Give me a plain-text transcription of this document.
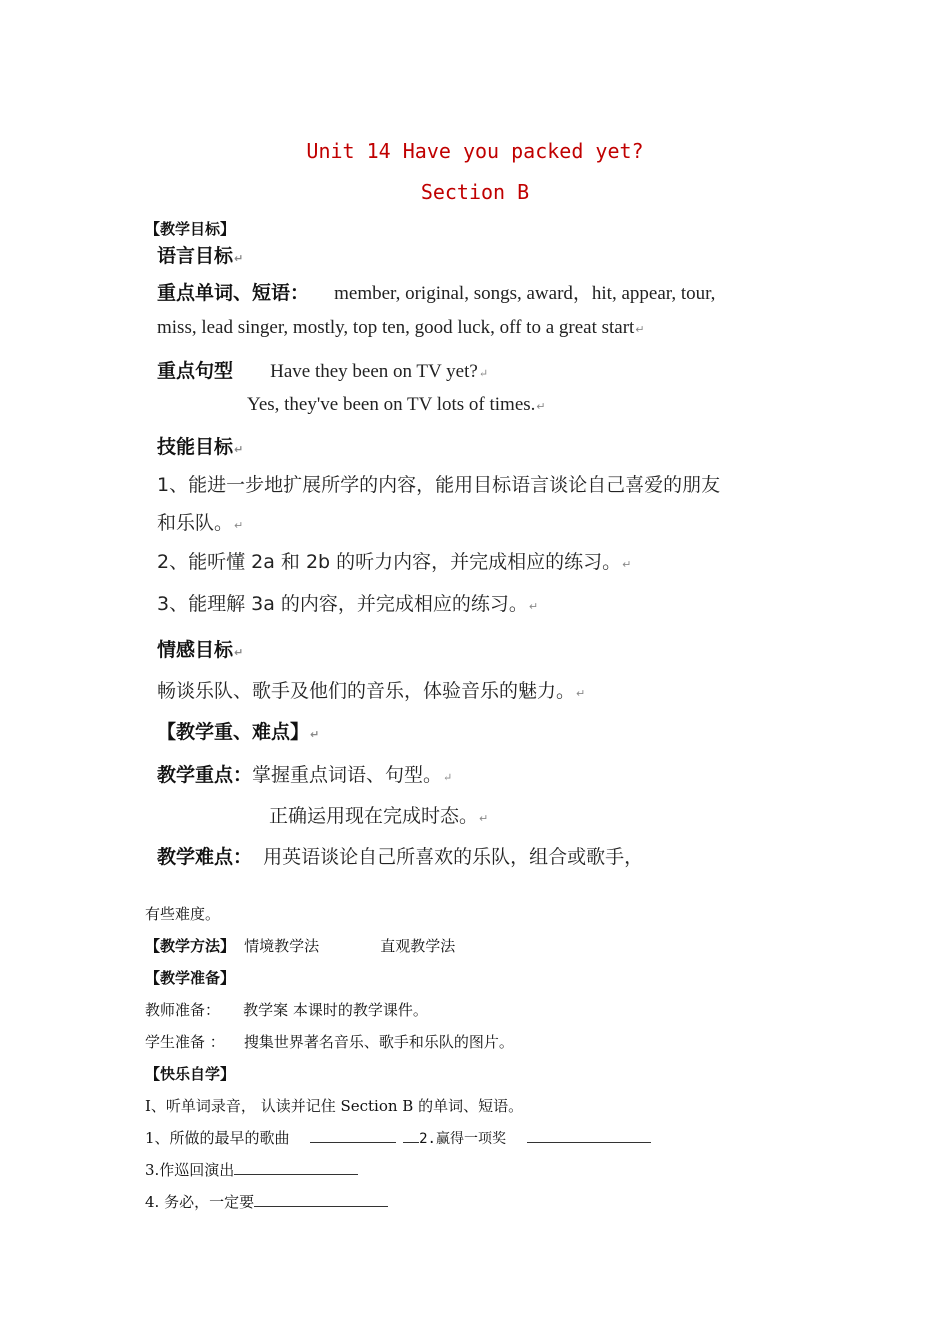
Unit 14 Have you packed yet?
Section B
【教学目标】
语言目标↵
重点单词、短语： member, original, songs, award，hit, appear, tour,
miss, lead singer, mostly, top ten, good luck, off to a great start↵
重点句型 Have they been on TV yet?↵
Yes, they've been on TV lots of times.↵
技能目标↵
1、能进一步地扩展所学的内容，能用目标语言谈论自己喜爱的朋友
和乐队。↵
2、能听懂 2a 和 2b 的听力内容，并完成相应的练习。↵
3、能理解 3a 的内容，并完成相应的练习。↵
情感目标↵
畅谈乐队、歌手及他们的音乐，体验音乐的魅力。↵
【教学重、难点】↵
教学重点：掌握重点词语、句型。↵
正确运用现在完成时态。↵
教学难点： 用英语谈论自己所喜欢的乐队，组合或歌手，
有些难度。
【教学方法】 情境教学法	直观教学法
【教学准备】
教师准备： 教学案 本课时的教学课件。
学生准备 ： 搜集世界著名音乐、歌手和乐队的图片。
【快乐自学】
I、听单词录音， 认读并记住 Section B 的单词、短语。
1、所做的最早的歌曲	2.赢得一项奖
3.作巡回演出
4. 务必，一定要
